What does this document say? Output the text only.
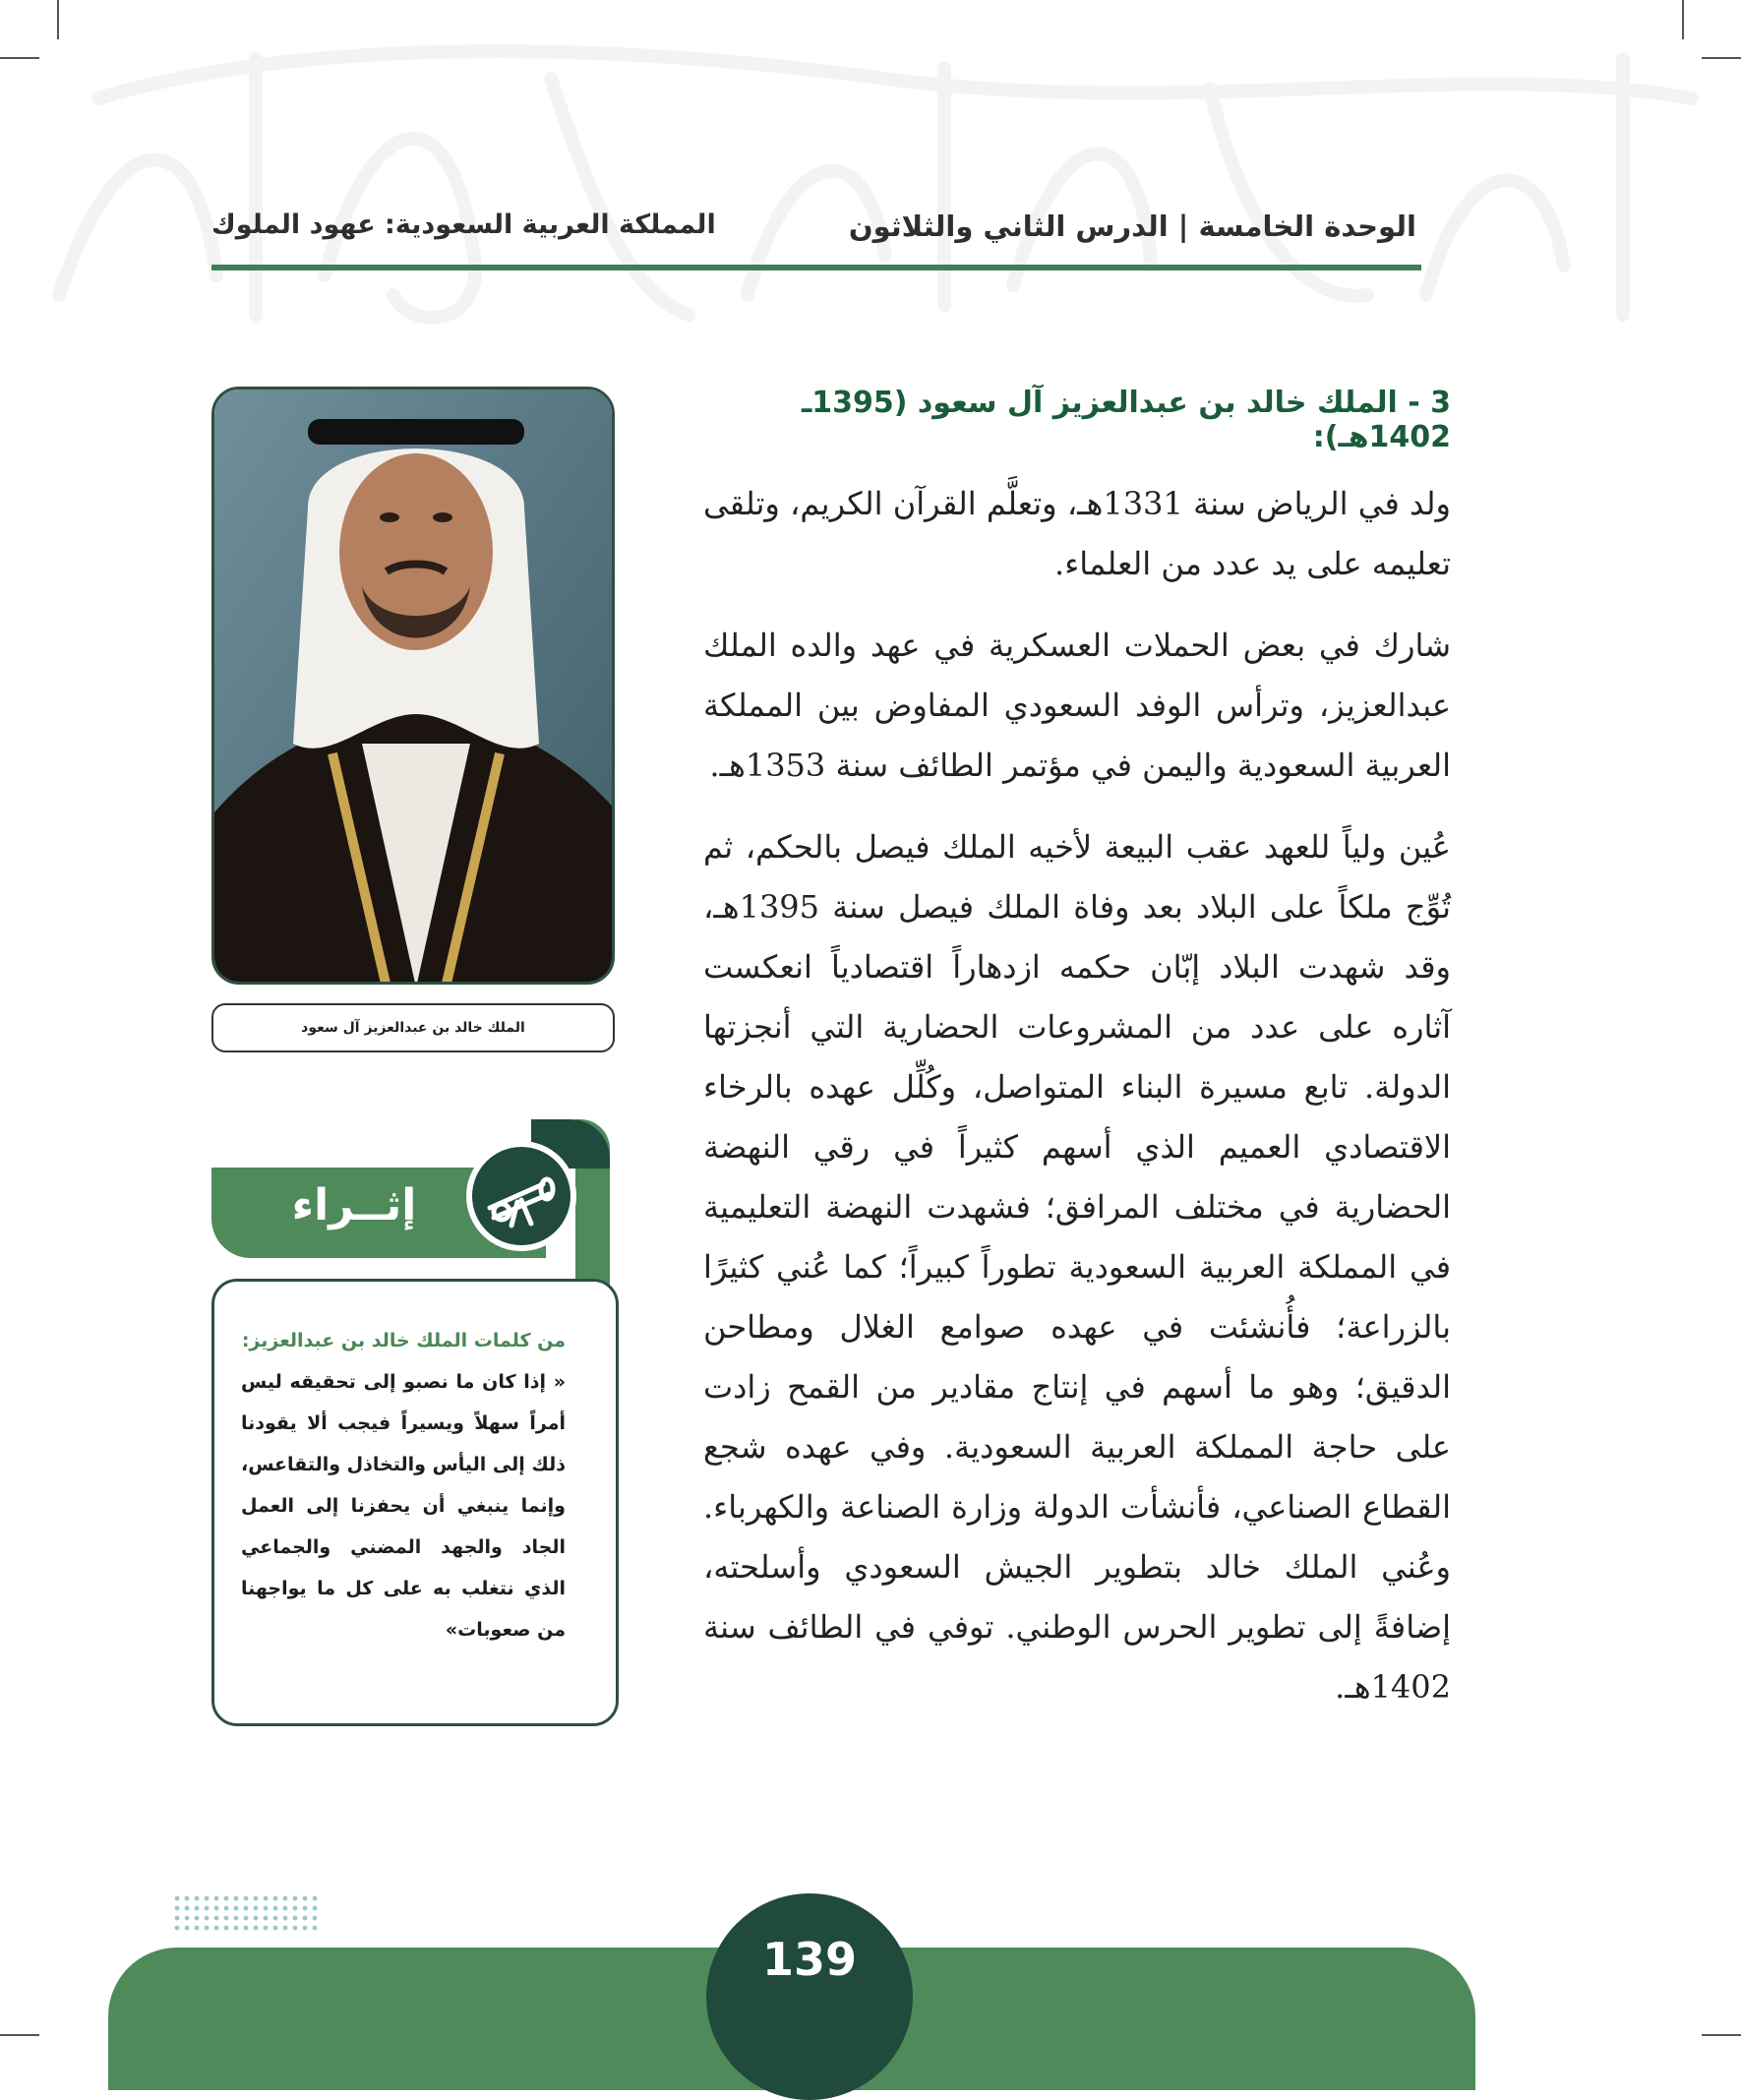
الوحدة الخامسة | الدرس الثاني والثلاثون
المملكة العربية السعودية: عهود الملوك
3 - الملك خالد بن عبدالعزيز آل سعود (1395ـ 1402هـ):

ولد في الرياض سنة 1331هـ، وتعلَّم القرآن الكريم، وتلقى تعليمه على يد عدد من العلماء.

شارك في بعض الحملات العسكرية في عهد والده الملك عبدالعزيز، وترأس الوفد السعودي المفاوض بين المملكة العربية السعودية واليمن في مؤتمر الطائف سنة 1353هـ.

عُين ولياً للعهد عقب البيعة لأخيه الملك فيصل بالحكم، ثم تُوِّج ملكاً على البلاد بعد وفاة الملك فيصل سنة 1395هـ، وقد شهدت البلاد إبّان حكمه ازدهاراً اقتصادياً انعكست آثاره على عدد من المشروعات الحضارية التي أنجزتها الدولة. تابع مسيرة البناء المتواصل، وكُلِّل عهده بالرخاء الاقتصادي العميم الذي أسهم كثيراً في رقي النهضة الحضارية في مختلف المرافق؛ فشهدت النهضة التعليمية في المملكة العربية السعودية تطوراً كبيراً؛ كما عُني كثيرًا بالزراعة؛ فأُنشئت في عهده صوامع الغلال ومطاحن الدقيق؛ وهو ما أسهم في إنتاج مقادير من القمح زادت على حاجة المملكة العربية السعودية. وفي عهده شجع القطاع الصناعي، فأنشأت الدولة وزارة الصناعة والكهرباء. وعُني الملك خالد بتطوير الجيش السعودي وأسلحته، إضافةً إلى تطوير الحرس الوطني. توفي في الطائف سنة 1402هـ.

الملك خالد بن عبدالعزيز آل سعود
إثــراء

من كلمات الملك خالد بن عبدالعزيز:

« إذا كان ما نصبو إلى تحقيقه ليس أمراً سهلاً ويسيراً فيجب ألا يقودنا ذلك إلى اليأس والتخاذل والتقاعس، وإنما ينبغي أن يحفزنا إلى العمل الجاد والجهد المضني والجماعي الذي نتغلب به على كل ما يواجهنا من صعوبات»

139
